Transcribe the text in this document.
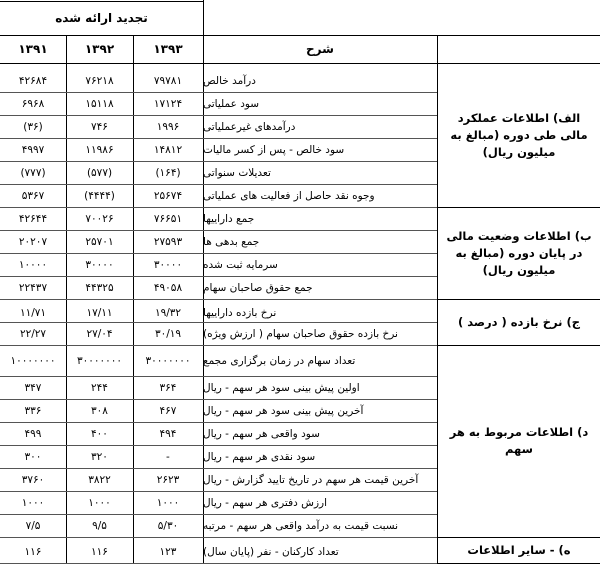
تجدید ارائه شده
۱۳۹۳
۱۳۹۲
۱۳۹۱	شرح
الف) اطلاعات عملکرد مالی طی دوره (مبالغ به میلیون ریال)
درآمد خالص
۷۹۷۸۱
۷۶۲۱۸
۴۲۶۸۴
سود عملیاتی
۱۷۱۲۴
۱۵۱۱۸
۶۹۶۸
درآمدهای غیرعملیاتی
۱۹۹۶
۷۴۶
(۳۶)
سود خالص - پس از کسر مالیات
۱۴۸۱۲
۱۱۹۸۶
۴۹۹۷
تعدیلات سنواتی
(۱۶۴)
(۵۷۷)
(۷۷۷)
وجوه نقد حاصل از فعالیت های عملیاتی
۲۵۶۷۴
(۴۴۴۴)
۵۳۶۷
ب) اطلاعات وضعیت مالی در پایان دوره (مبالغ به میلیون ریال)
جمع داراییها
۷۶۶۵۱
۷۰۰۲۶
۴۲۶۴۴
جمع بدهی ها
۲۷۵۹۳
۲۵۷۰۱
۲۰۲۰۷
سرمایه ثبت شده
۳۰۰۰۰
۳۰۰۰۰
۱۰۰۰۰
جمع حقوق صاحبان سهام
۴۹۰۵۸
۴۴۳۲۵
۲۲۴۳۷
ج) نرخ بازده ( درصد )
نرخ بازده داراییها
۱۹/۳۲
۱۷/۱۱
۱۱/۷۱
نرخ بازده حقوق صاحبان سهام ( ارزش ویژه)
۳۰/۱۹
۲۷/۰۴
۲۲/۲۷
د) اطلاعات مربوط به هر سهم
تعداد سهام در زمان برگزاری مجمع
۳۰۰۰۰۰۰۰
۳۰۰۰۰۰۰۰
۱۰۰۰۰۰۰۰
اولین پیش بینی سود هر سهم - ریال
۳۶۴
۲۴۴
۳۴۷
آخرین پیش بینی سود هر سهم - ریال
۴۶۷
۳۰۸
۳۳۶
سود واقعی هر سهم - ریال
۴۹۴
۴۰۰
۴۹۹
سود نقدی هر سهم - ریال
-
۳۲۰
۳۰۰
آخرین قیمت هر سهم در تاریخ تایید گزارش - ریال
۲۶۲۳
۳۸۲۲
۳۷۶۰
ارزش دفتری هر سهم - ریال
۱۰۰۰
۱۰۰۰
۱۰۰۰
نسبت قیمت به درآمد واقعی هر سهم - مرتبه
۵/۳۰
۹/۵
۷/۵
ه) - سایر اطلاعات
تعداد کارکنان - نفر (پایان سال)
۱۲۳
۱۱۶
۱۱۶
